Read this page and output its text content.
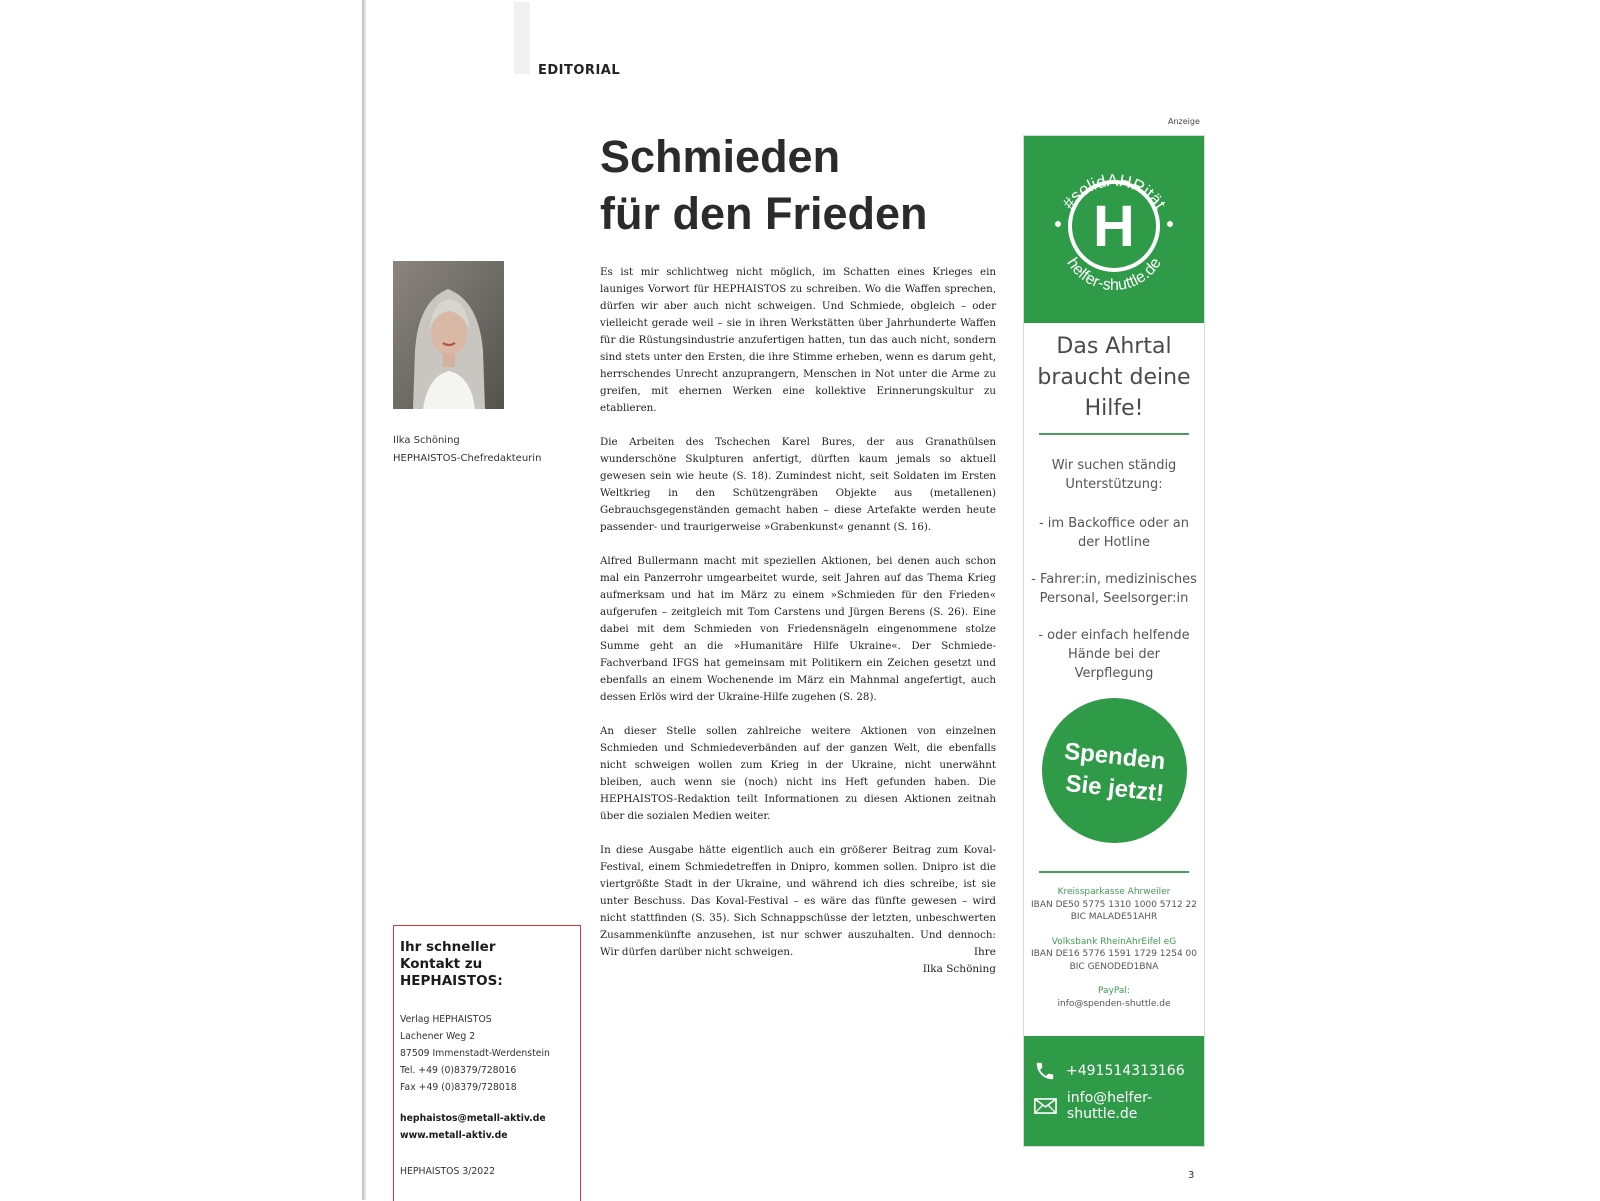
EDITORIAL
Schmieden
für den Frieden
Ilka Schöning
HEPHAISTOS-Chefredakteurin

Es ist mir schlichtweg nicht möglich, im Schatten eines Krieges ein launiges Vorwort für HEPHAISTOS zu schreiben. Wo die Waffen sprechen, dürfen wir aber auch nicht schweigen. Und Schmiede, obgleich – oder vielleicht gerade weil – sie in ihren Werkstätten über Jahrhunderte Waffen für die Rüstungsindustrie anzufertigen hatten, tun das auch nicht, sondern sind stets unter den Ersten, die ihre Stimme erheben, wenn es darum geht, herrschendes Unrecht anzuprangern, Menschen in Not unter die Arme zu greifen, mit ehernen Werken eine kollektive Erinnerungskultur zu etablieren.

Die Arbeiten des Tschechen Karel Bures, der aus Granathülsen wunderschöne Skulpturen anfertigt, dürften kaum jemals so aktuell gewesen sein wie heute (S. 18). Zumindest nicht, seit Soldaten im Ersten Weltkrieg in den Schützengräben Objekte aus (metallenen) Gebrauchsgegenständen gemacht haben – diese Artefakte werden heute passender- und traurigerweise »Grabenkunst« genannt (S. 16).

Alfred Bullermann macht mit speziellen Aktionen, bei denen auch schon mal ein Panzerrohr umgearbeitet wurde, seit Jahren auf das Thema Krieg aufmerksam und hat im März zu einem »Schmieden für den Frieden« aufgerufen – zeitgleich mit Tom Carstens und Jürgen Berens (S. 26). Eine dabei mit dem Schmieden von Friedensnägeln eingenommene stolze Summe geht an die »Humanitäre Hilfe Ukraine«. Der Schmiede-Fachverband IFGS hat gemeinsam mit Politikern ein Zeichen gesetzt und ebenfalls an einem Wochenende im März ein Mahnmal angefertigt, auch dessen Erlös wird der Ukraine-Hilfe zugehen (S. 28).

An dieser Stelle sollen zahlreiche weitere Aktionen von einzelnen Schmieden und Schmiedeverbänden auf der ganzen Welt, die ebenfalls nicht schweigen wollen zum Krieg in der Ukraine, nicht unerwähnt bleiben, auch wenn sie (noch) nicht ins Heft gefunden haben. Die HEPHAISTOS-Redaktion teilt Informationen zu diesen Aktionen zeitnah über die sozialen Medien weiter.

In diese Ausgabe hätte eigentlich auch ein größerer Beitrag zum Koval-Festival, einem Schmiedetreffen in Dnipro, kommen sollen. Dnipro ist die viertgrößte Stadt in der Ukraine, und während ich dies schreibe, ist sie unter Beschuss. Das Koval-Festival – es wäre das fünfte gewesen – wird nicht stattfinden (S. 35). Sich Schnappschüsse der letzten, unbeschwerten Zusammenkünfte anzusehen, ist nur schwer auszuhalten. Und dennoch: Wir dürfen darüber nicht schweigen.	Ihre
Ilka Schöning
Ihr schneller
Kontakt zu
HEPHAISTOS:
Verlag HEPHAISTOS
Lachener Weg 2
87509 Immenstadt-Werdenstein
Tel. +49 (0)8379/728016
Fax +49 (0)8379/728018
hephaistos@metall-aktiv.de
www.metall-aktiv.de
HEPHAISTOS 3/2022
Anzeige
H
#solidAHRität
helfer-shuttle.de
Das Ahrtal
braucht deine
Hilfe!
Wir suchen ständig
Unterstützung:
- im Backoffice oder an der Hotline
- Fahrer:in, medizinisches Personal, Seelsorger:in
- oder einfach helfende Hände bei der Verpflegung
Spenden
Sie jetzt!
Kreissparkasse Ahrweiler
IBAN DE50 5775 1310 1000 5712 22
BIC MALADE51AHR
Volksbank RheinAhrEifel eG
IBAN DE16 5776 1591 1729 1254 00
BIC GENODED1BNA
PayPal:
info@spenden-shuttle.de
+491514313166
info@helfer-shuttle.de
3
